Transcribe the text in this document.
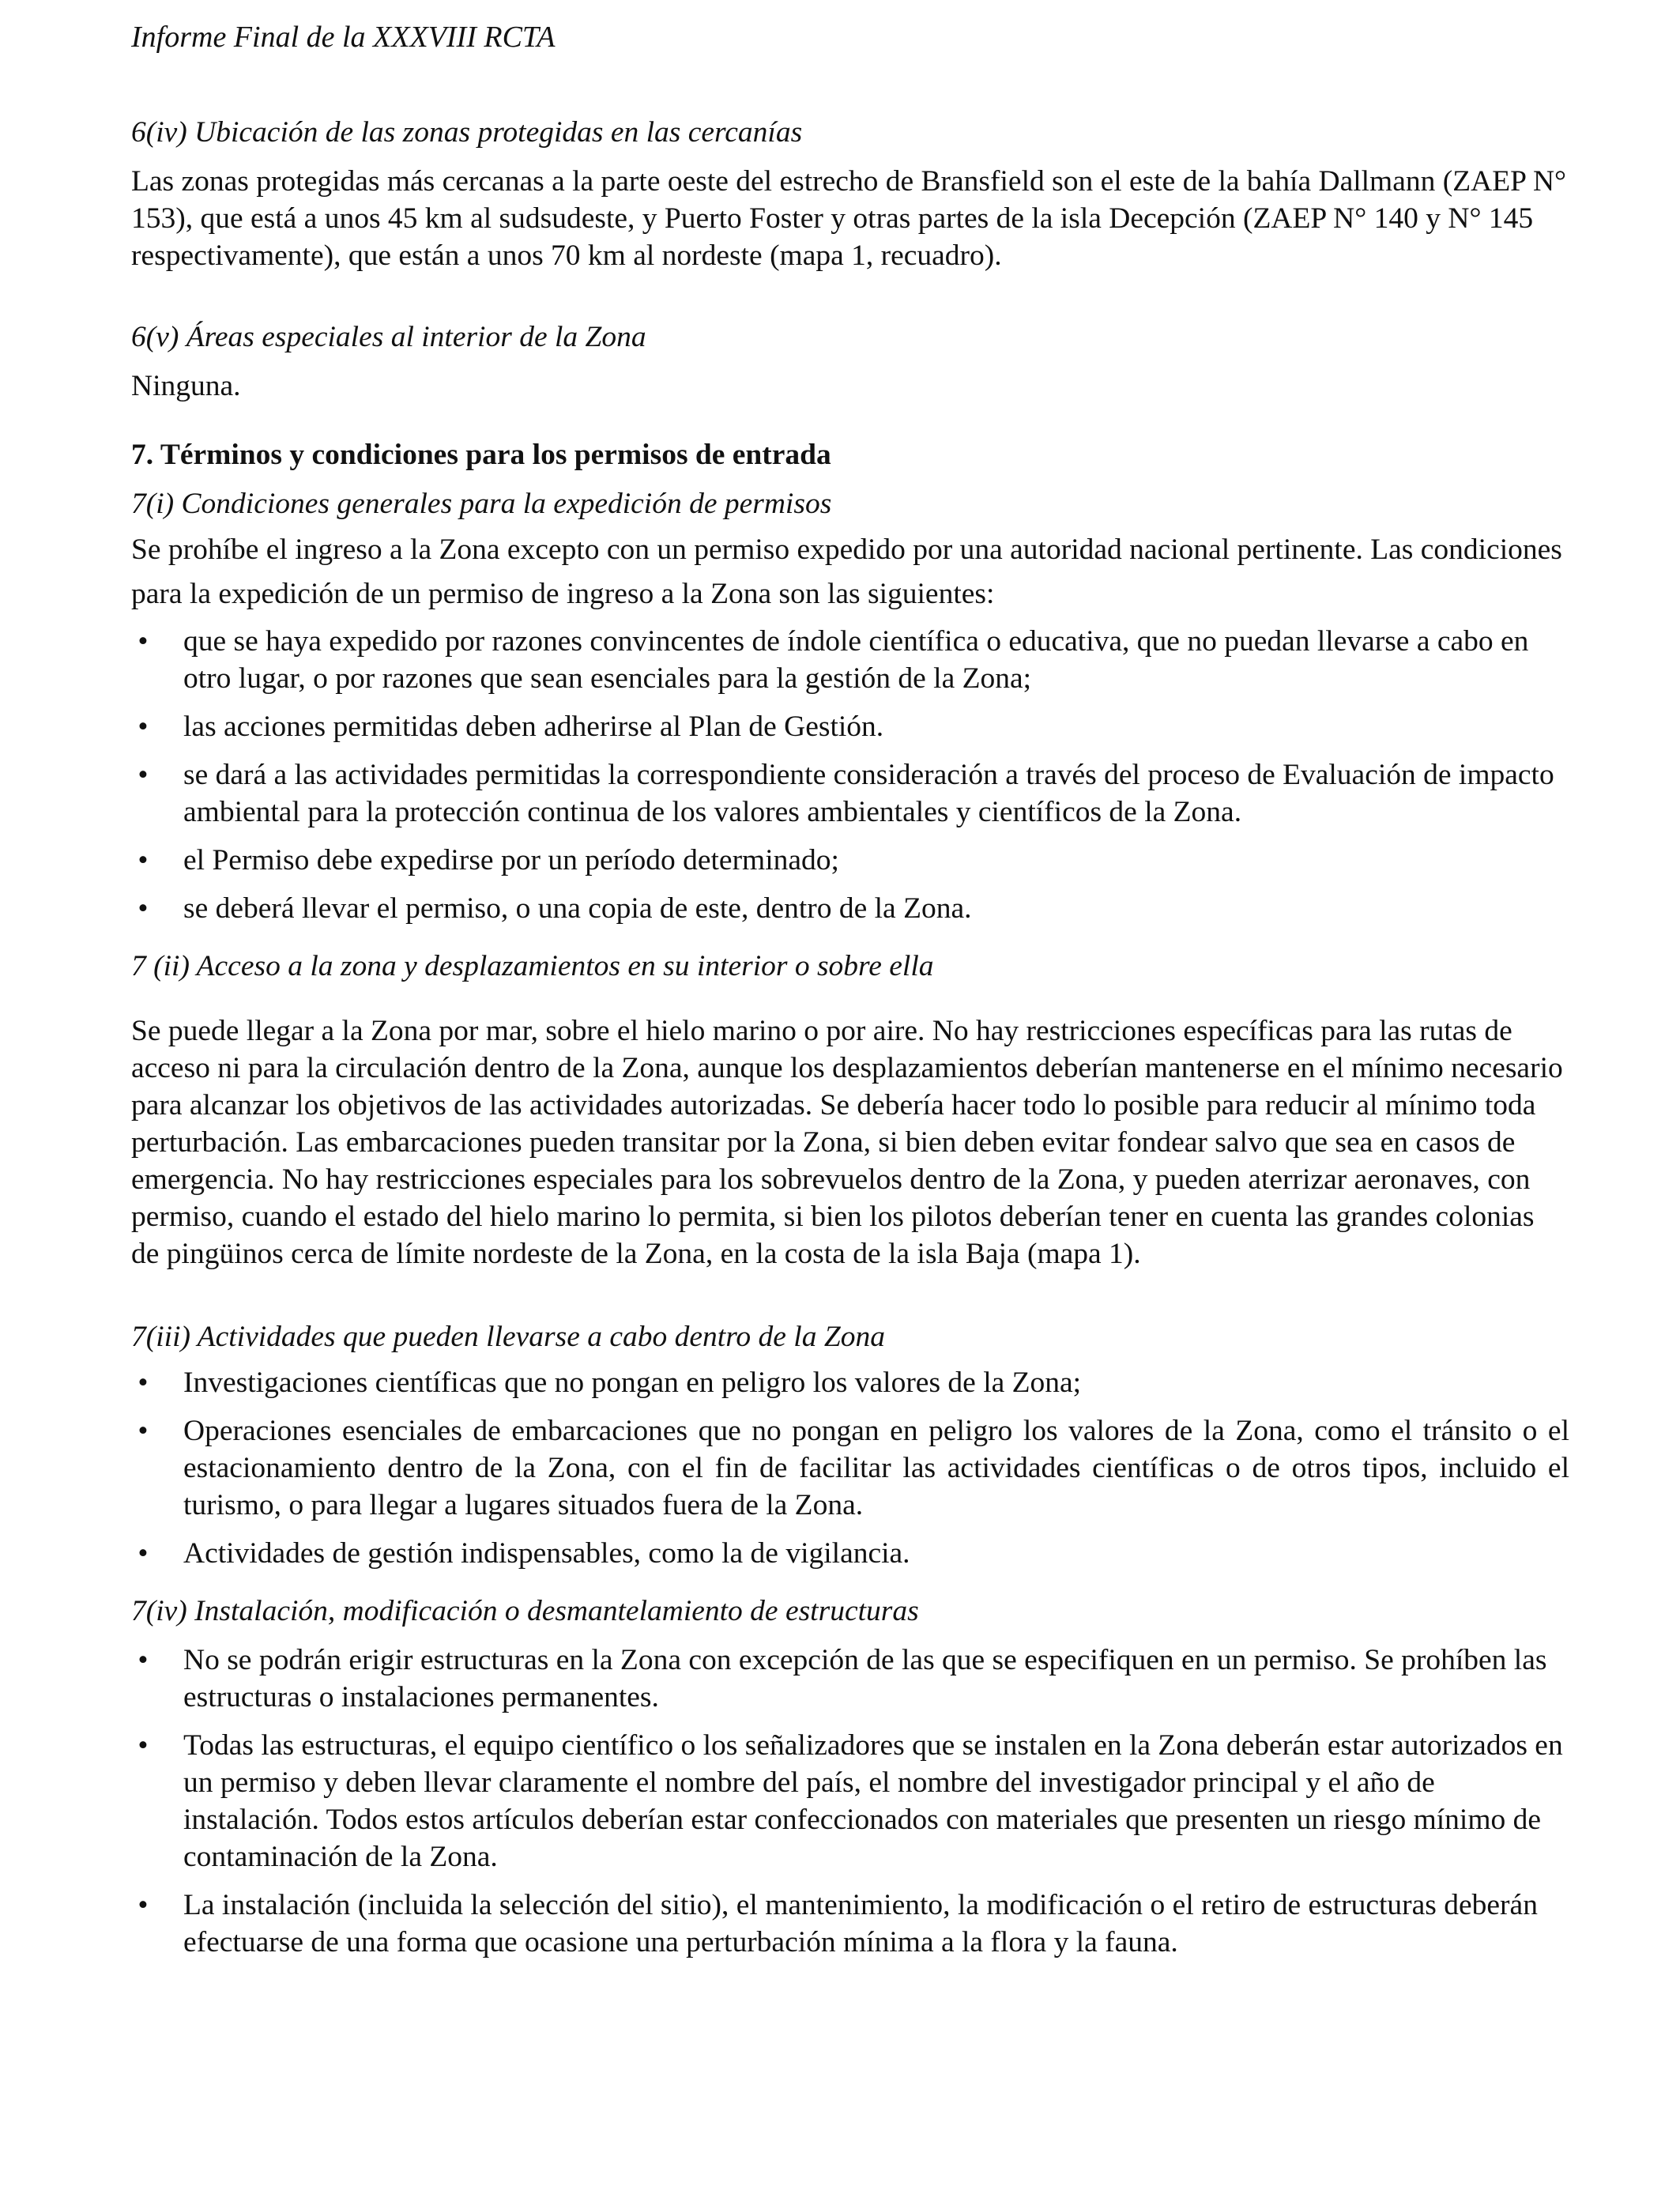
Informe Final de la XXXVIII RCTA
6(iv) Ubicación de las zonas protegidas en las cercanías

Las zonas protegidas más cercanas a la parte oeste del estrecho de Bransfield son el este de la bahía Dallmann (ZAEP N° 153), que está a unos 45 km al sudsudeste, y Puerto Foster y otras partes de la isla Decepción (ZAEP N° 140 y N° 145 respectivamente), que están a unos 70 km al nordeste (mapa 1, recuadro).

6(v) Áreas especiales al interior de la Zona

Ninguna.

7. Términos y condiciones para los permisos de entrada
7(i) Condiciones generales para la expedición de permisos

Se prohíbe el ingreso a la Zona excepto con un permiso expedido por una autoridad nacional pertinente. Las condiciones para la expedición de un permiso de ingreso a la Zona son las siguientes:

• que se haya expedido por razones convincentes de índole científica o educativa, que no puedan llevarse a cabo en otro lugar, o por razones que sean esenciales para la gestión de la Zona;
• las acciones permitidas deben adherirse al Plan de Gestión.
• se dará a las actividades permitidas la correspondiente consideración a través del proceso de Evaluación de impacto ambiental para la protección continua de los valores ambientales y científicos de la Zona.
• el Permiso debe expedirse por un período determinado;
• se deberá llevar el permiso, o una copia de este, dentro de la Zona.
7 (ii) Acceso a la zona y desplazamientos en su interior o sobre ella

Se puede llegar a la Zona por mar, sobre el hielo marino o por aire. No hay restricciones específicas para las rutas de acceso ni para la circulación dentro de la Zona, aunque los desplazamientos deberían mantenerse en el mínimo necesario para alcanzar los objetivos de las actividades autorizadas. Se debería hacer todo lo posible para reducir al mínimo toda perturbación. Las embarcaciones pueden transitar por la Zona, si bien deben evitar fondear salvo que sea en casos de emergencia. No hay restricciones especiales para los sobrevuelos dentro de la Zona, y pueden aterrizar aeronaves, con permiso, cuando el estado del hielo marino lo permita, si bien los pilotos deberían tener en cuenta las grandes colonias de pingüinos cerca de límite nordeste de la Zona, en la costa de la isla Baja (mapa 1).

7(iii) Actividades que pueden llevarse a cabo dentro de la Zona
• Investigaciones científicas que no pongan en peligro los valores de la Zona;
• Operaciones esenciales de embarcaciones que no pongan en peligro los valores de la Zona, como el tránsito o el estacionamiento dentro de la Zona, con el fin de facilitar las actividades científicas o de otros tipos, incluido el turismo, o para llegar a lugares situados fuera de la Zona.
• Actividades de gestión indispensables, como la de vigilancia.
7(iv) Instalación, modificación o desmantelamiento de estructuras
• No se podrán erigir estructuras en la Zona con excepción de las que se especifiquen en un permiso. Se prohíben las estructuras o instalaciones permanentes.
• Todas las estructuras, el equipo científico o los señalizadores que se instalen en la Zona deberán estar autorizados en un permiso y deben llevar claramente el nombre del país, el nombre del investigador principal y el año de instalación. Todos estos artículos deberían estar confeccionados con materiales que presenten un riesgo mínimo de contaminación de la Zona.
• La instalación (incluida la selección del sitio), el mantenimiento, la modificación o el retiro de estructuras deberán efectuarse de una forma que ocasione una perturbación mínima a la flora y la fauna.
